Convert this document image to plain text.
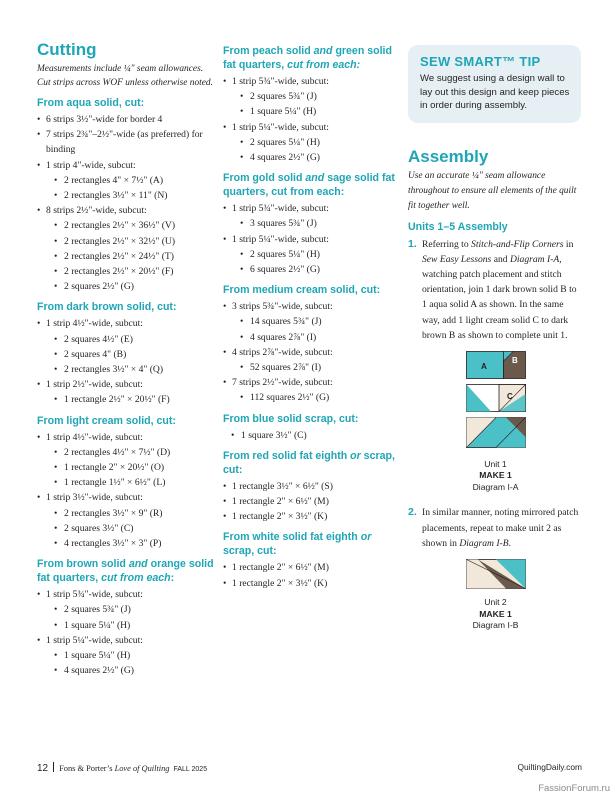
Cutting
Measurements include ¼" seam allowances.
Cut strips across WOF unless otherwise noted.
From aqua solid, cut:
• 6 strips 3½"-wide for border 4
• 7 strips 2¾"–2½"-wide (as preferred) for binding
• 1 strip 4"-wide, subcut:
• 2 rectangles 4" × 7½" (A)
• 2 rectangles 3½" × 11" (N)
• 8 strips 2½"-wide, subcut:
• 2 rectangles 2½" × 36½" (V)
• 2 rectangles 2½" × 32½" (U)
• 2 rectangles 2½" × 24½" (T)
• 2 rectangles 2½" × 20½" (F)
• 2 squares 2½" (G)
From dark brown solid, cut:
• 1 strip 4½"-wide, subcut:
• 2 squares 4½" (E)
• 2 squares 4" (B)
• 2 rectangles 3½" × 4" (Q)
• 1 strip 2½"-wide, subcut:
• 1 rectangle 2½" × 20½" (F)
From light cream solid, cut:
• 1 strip 4½"-wide, subcut:
• 2 rectangles 4½" × 7½" (D)
• 1 rectangle 2" × 20½" (O)
• 1 rectangle 1½" × 6½" (L)
• 1 strip 3½"-wide, subcut:
• 2 rectangles 3½" × 9" (R)
• 2 squares 3½" (C)
• 4 rectangles 3½" × 3" (P)
From brown solid and orange solid fat quarters, cut from each:
• 1 strip 5¾"-wide, subcut:
• 2 squares 5¾" (J)
• 1 square 5¼" (H)
• 1 strip 5¼"-wide, subcut:
• 1 square 5¼" (H)
• 4 squares 2½" (G)
From peach solid and green solid fat quarters, cut from each:
• 1 strip 5¾"-wide, subcut:
• 2 squares 5¾" (J)
• 1 square 5¼" (H)
• 1 strip 5¼"-wide, subcut:
• 2 squares 5¼" (H)
• 4 squares 2½" (G)
From gold solid and sage solid fat quarters, cut from each:
• 1 strip 5¾"-wide, subcut:
• 3 squares 5¾" (J)
• 1 strip 5¼"-wide, subcut:
• 2 squares 5¼" (H)
• 6 squares 2½" (G)
From medium cream solid, cut:
• 3 strips 5¾"-wide, subcut:
• 14 squares 5¾" (J)
• 4 squares 2⅞" (I)
• 4 strips 2⅞"-wide, subcut:
• 52 squares 2⅞" (I)
• 7 strips 2½"-wide, subcut:
• 112 squares 2½" (G)
From blue solid scrap, cut:
• 1 square 3½" (C)
From red solid fat eighth or scrap, cut:
• 1 rectangle 3½" × 6½" (S)
• 1 rectangle 2" × 6½" (M)
• 1 rectangle 2" × 3½" (K)
From white solid fat eighth or scrap, cut:
• 1 rectangle 2" × 6½" (M)
• 1 rectangle 2" × 3½" (K)
SEW SMART™ TIP
We suggest using a design wall to lay out this design and keep pieces in order during assembly.
Assembly
Use an accurate ¼" seam allowance throughout to ensure all elements of the quilt fit together well.
Units 1–5 Assembly
1. Referring to Stitch-and-Flip Corners in Sew Easy Lessons and Diagram I-A, watching patch placement and stitch orientation, join 1 dark brown solid B to 1 aqua solid A as shown. In the same way, add 1 light cream solid C to dark brown B as shown to complete unit 1.
A
B
C
Unit 1
MAKE 1
Diagram I-A
2. In similar manner, noting mirrored patch placements, repeat to make unit 2 as shown in Diagram I-B.
Unit 2
MAKE 1
Diagram I-B
12 Fons & Porter’s Love of Quilting FALL 2025	QuiltingDaily.com
FassionForum.ru
